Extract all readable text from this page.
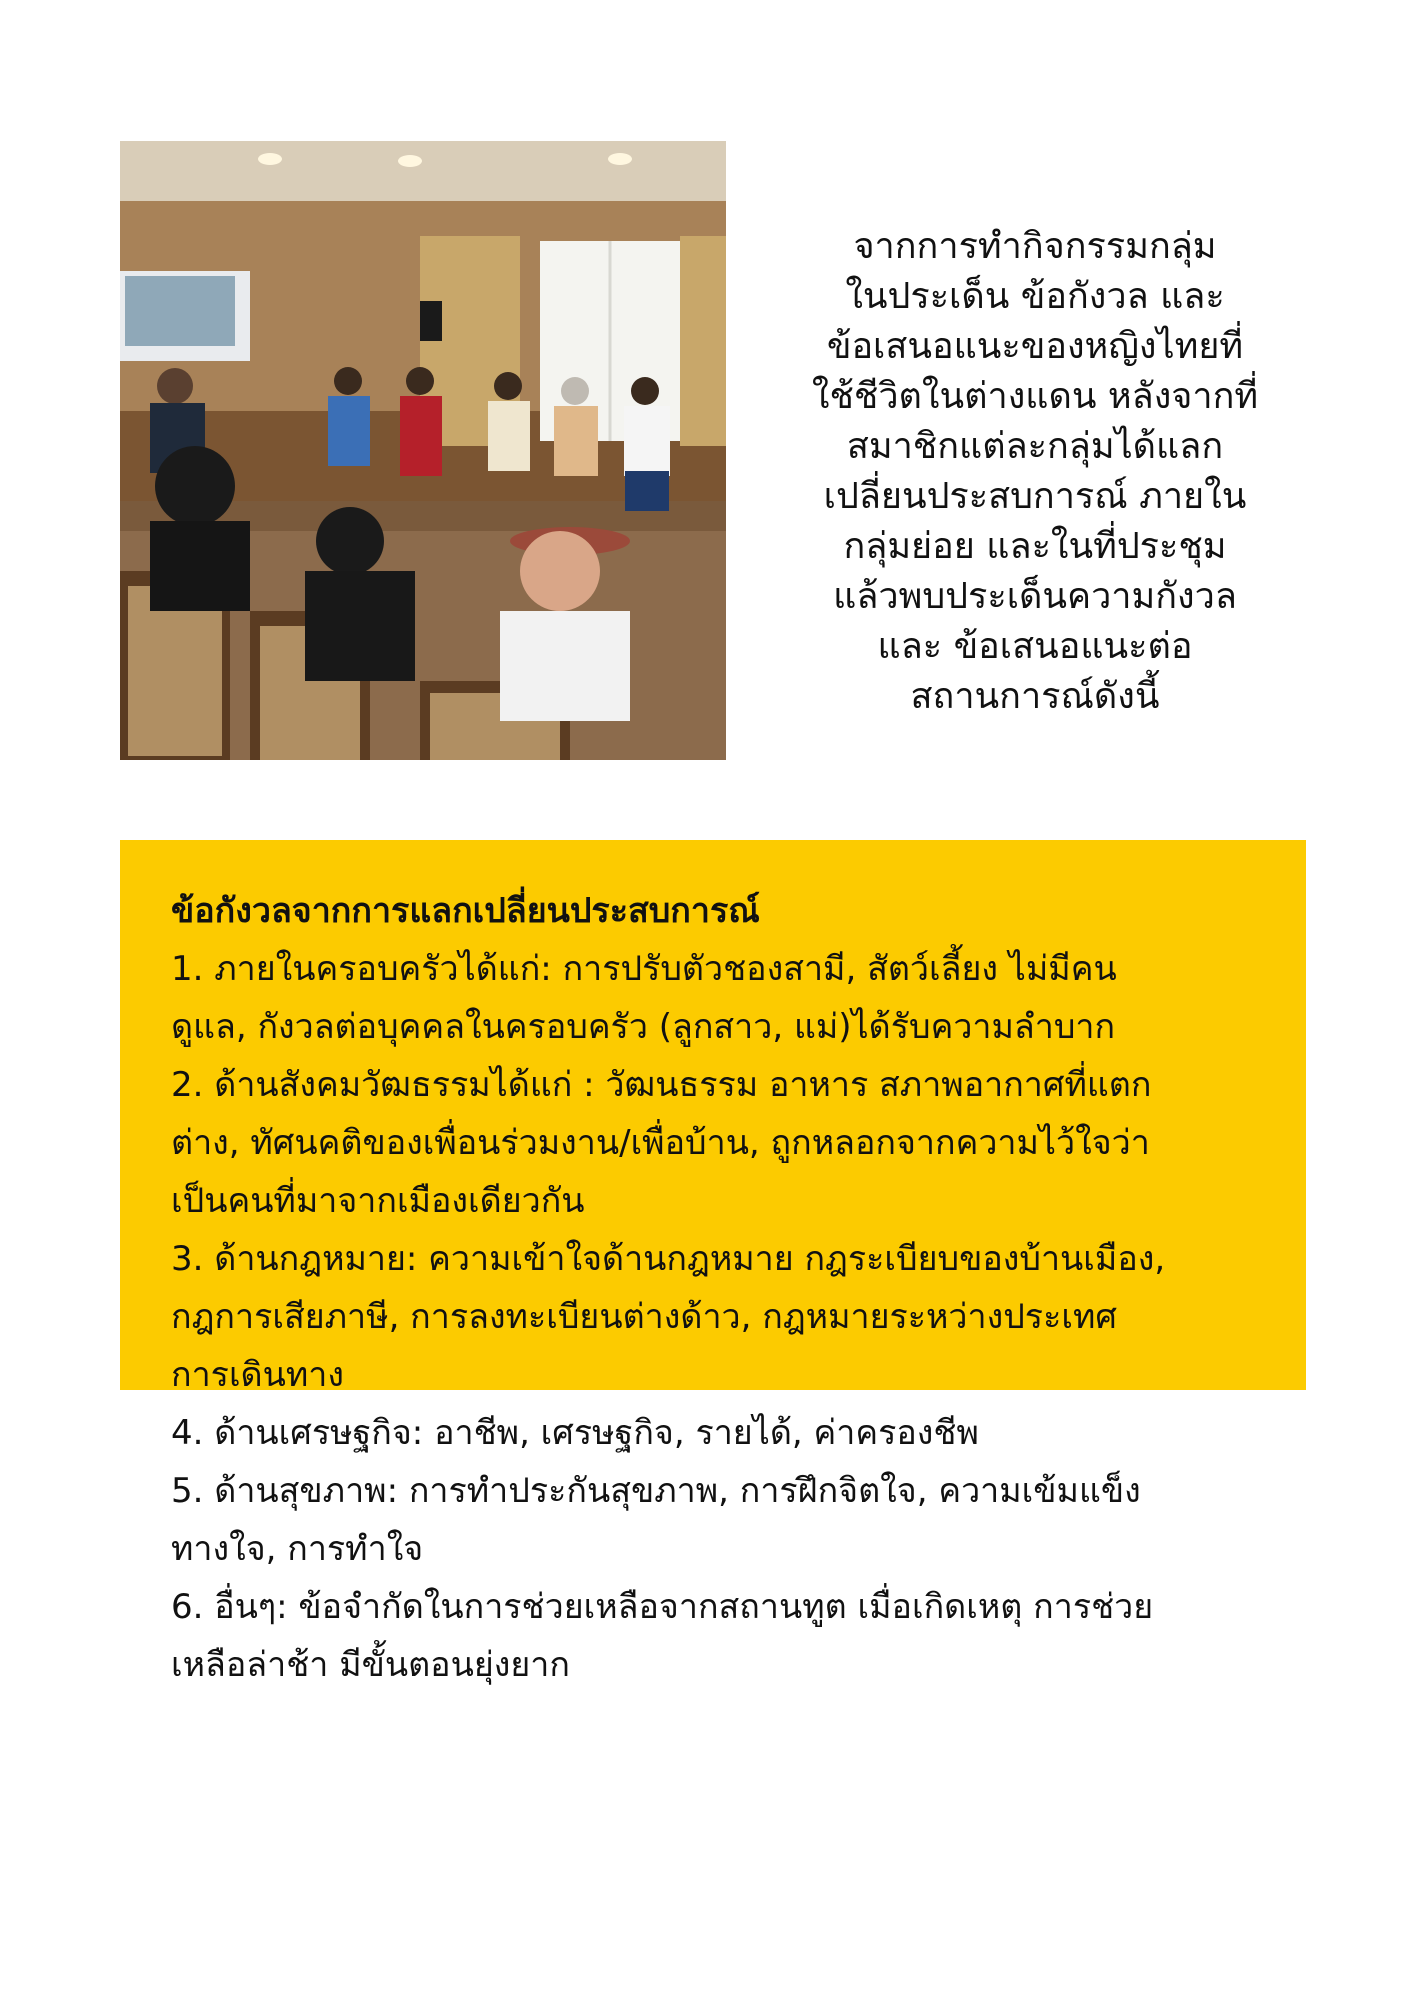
จากการทำกิจกรรมกลุ่ม
ในประเด็น ข้อกังวล และ
ข้อเสนอแนะของหญิงไทยที่
ใช้ชีวิตในต่างแดน หลังจากที่
สมาชิกแต่ละกลุ่มได้แลก
เปลี่ยนประสบการณ์ ภายใน
กลุ่มย่อย และในที่ประชุม
แล้วพบประเด็นความกังวล
และ ข้อเสนอแนะต่อ
สถานการณ์ดังนี้
ข้อกังวลจากการแลกเปลี่ยนประสบการณ์
1. ภายในครอบครัวได้แก่: การปรับตัวชองสามี, สัตว์เลี้ยง ไม่มีคน
ดูแล, กังวลต่อบุคคลในครอบครัว (ลูกสาว, แม่)ได้รับความลำบาก
2. ด้านสังคมวัฒธรรมได้แก่ : วัฒนธรรม อาหาร สภาพอากาศที่แตก
ต่าง, ทัศนคติของเพื่อนร่วมงาน/เพื่อบ้าน, ถูกหลอกจากความไว้ใจว่า
เป็นคนที่มาจากเมืองเดียวกัน
3. ด้านกฎหมาย: ความเข้าใจด้านกฎหมาย กฎระเบียบของบ้านเมือง,
กฎการเสียภาษี, การลงทะเบียนต่างด้าว, กฎหมายระหว่างประเทศ
การเดินทาง
4. ด้านเศรษฐกิจ: อาชีพ, เศรษฐกิจ, รายได้, ค่าครองชีพ
5. ด้านสุขภาพ: การทำประกันสุขภาพ, การฝึกจิตใจ, ความเข้มแข็ง
ทางใจ, การทำใจ
6. อื่นๆ: ข้อจำกัดในการช่วยเหลือจากสถานทูต เมื่อเกิดเหตุ การช่วย
เหลือล่าช้า มีขั้นตอนยุ่งยาก
